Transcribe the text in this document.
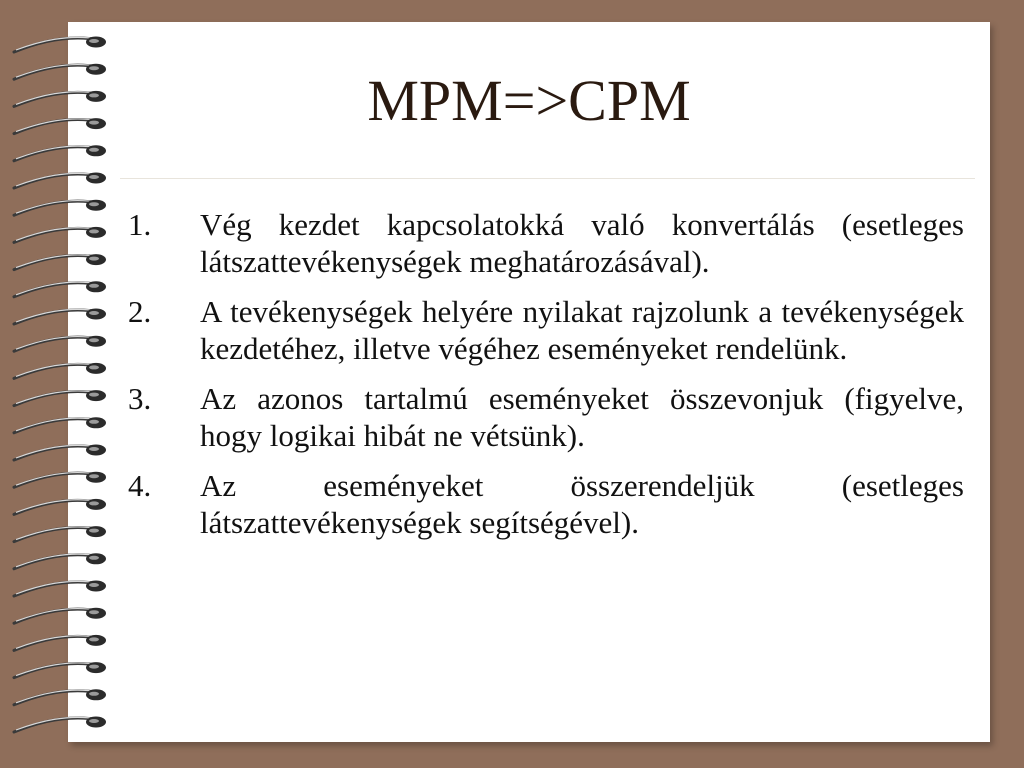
MPM=>CPM
1. Vég kezdet kapcsolatokká való konvertálás (esetleges látszattevékenységek meghatározásával).
2. A tevékenységek helyére nyilakat rajzolunk a tevékenységek kezdetéhez, illetve végéhez eseményeket rendelünk.
3. Az azonos tartalmú eseményeket összevonjuk (figyelve, hogy logikai hibát ne vétsünk).
4. Az eseményeket összerendeljük (esetleges látszattevékenységek segítségével).
